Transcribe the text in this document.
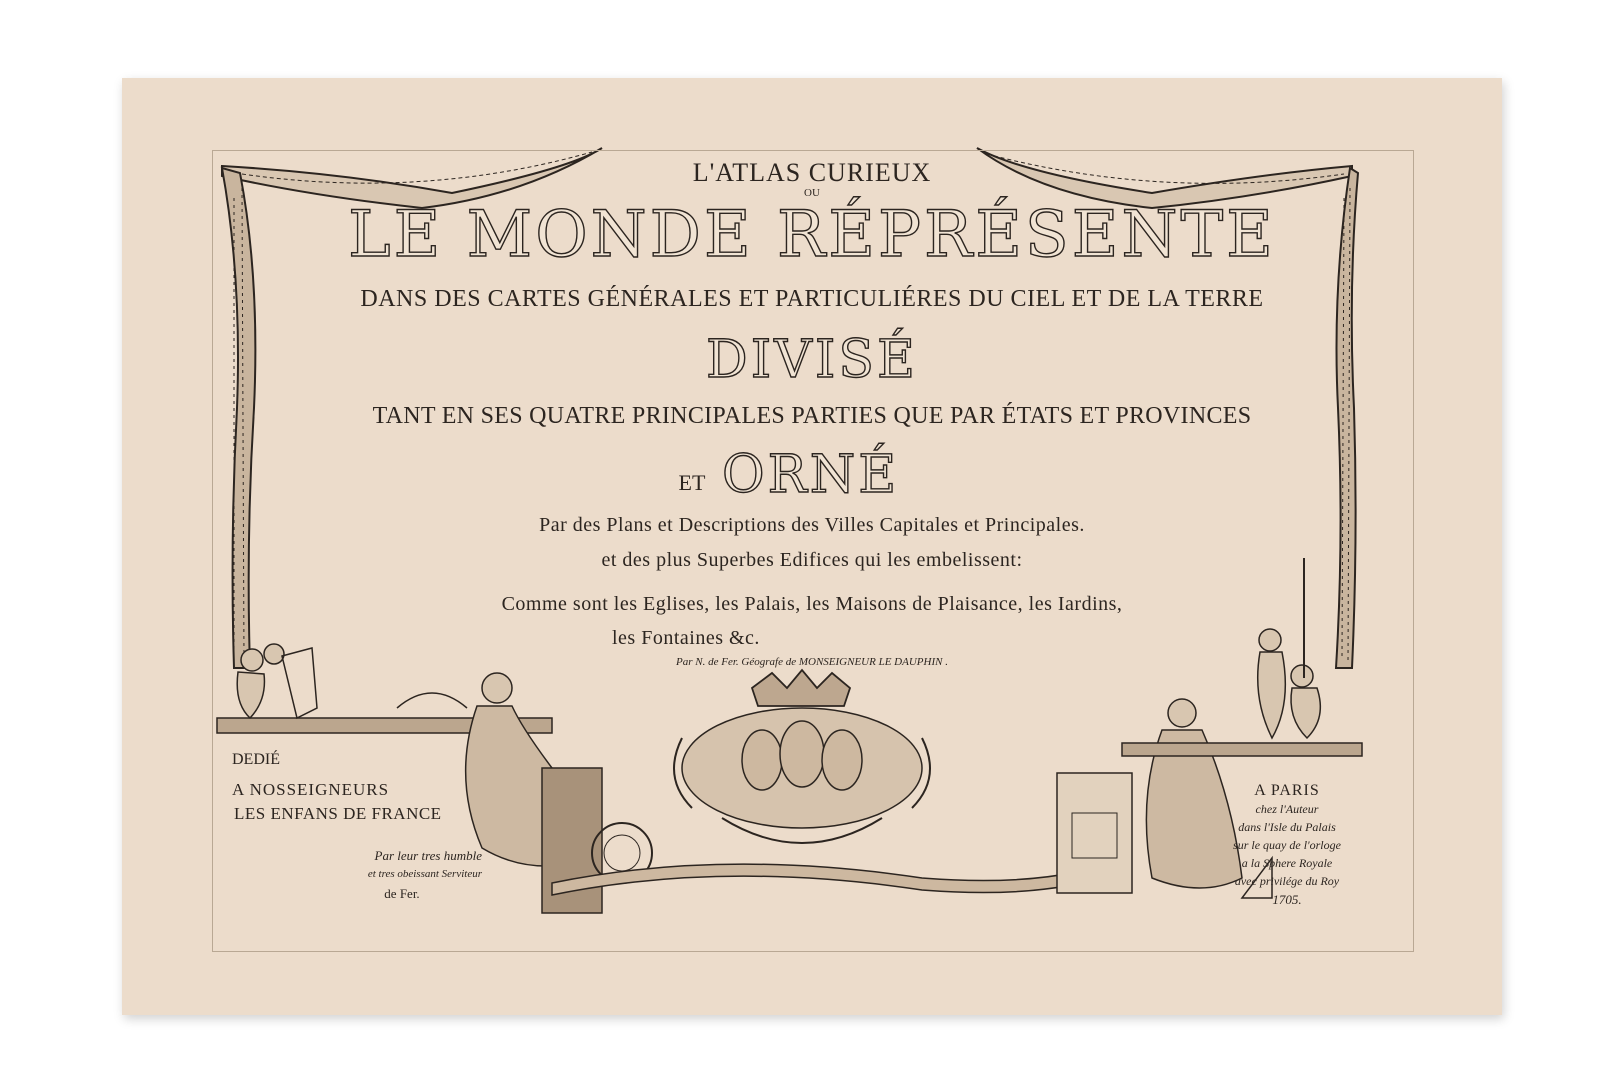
L'ATLAS CURIEUX
OU
LE MONDE RÉPRÉSENTE
DANS DES CARTES GÉNÉRALES ET PARTICULIÉRES DU CIEL ET DE LA TERRE
DIVISÉ
TANT EN SES QUATRE PRINCIPALES PARTIES QUE PAR ÉTATS ET PROVINCES
ET ORNÉ
Par des Plans et Descriptions des Villes Capitales et Principales.
et des plus Superbes Edifices qui les embelissent:
Comme sont les Eglises, les Palais, les Maisons de Plaisance, les Iardins,
les Fontaines &c.
Par N. de Fer. Géografe de MONSEIGNEUR LE DAUPHIN .
DEDIÉ
A NOSSEIGNEURS
LES ENFANS DE FRANCE
Par leur tres humble
et tres obeissant Serviteur
de Fer.
A PARIS
chez l'Auteur
dans l'Isle du Palais
sur le quay de l'orloge
a la Sphere Royale
avec privilége du Roy
1705.
